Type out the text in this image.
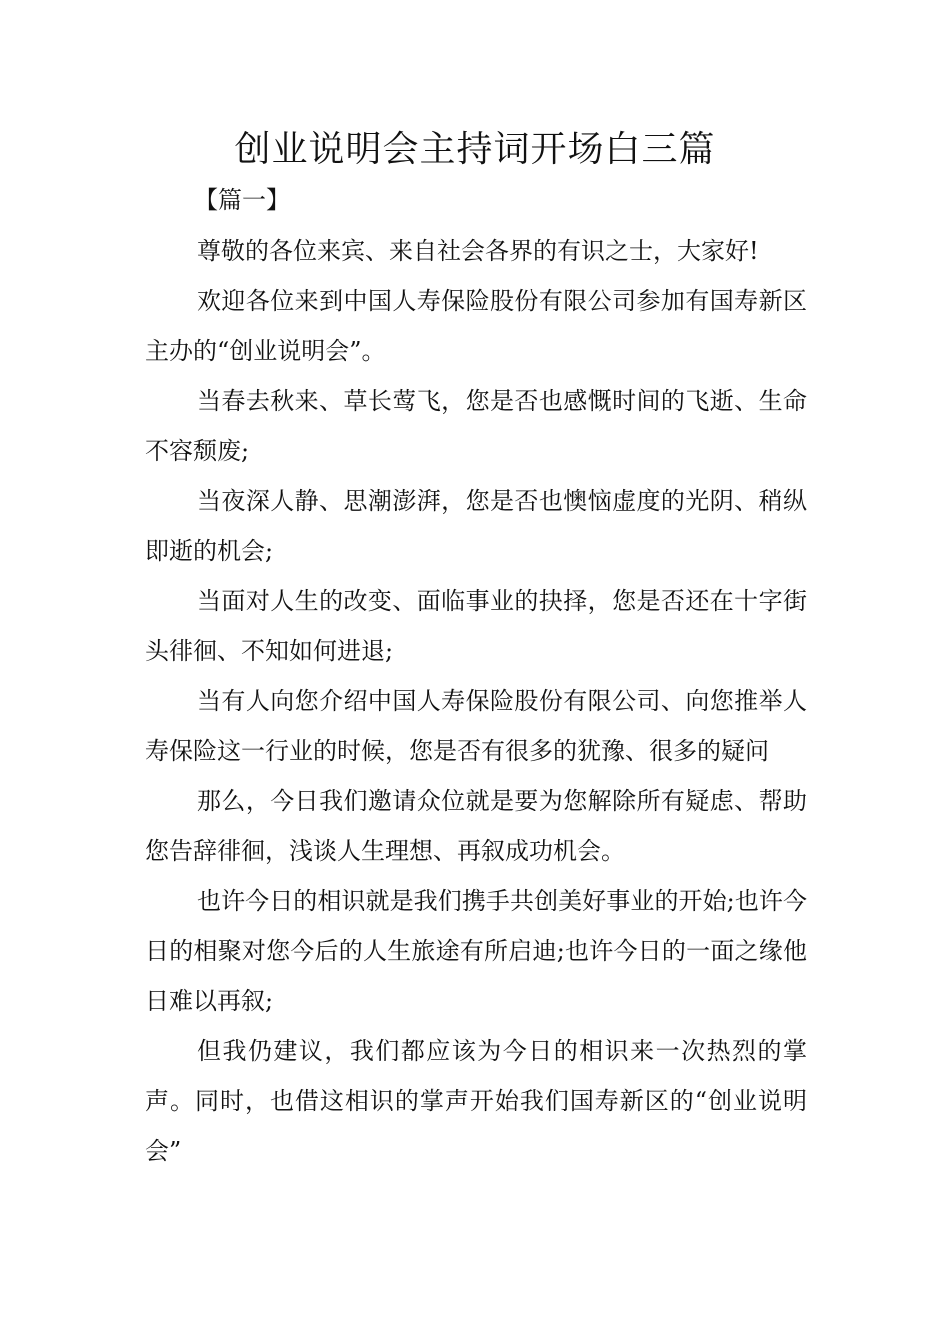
创业说明会主持词开场白三篇
【篇一】

尊敬的各位来宾、来自社会各界的有识之士，大家好!

欢迎各位来到中国人寿保险股份有限公司参加有国寿新区主办的“创业说明会”。

当春去秋来、草长莺飞，您是否也感慨时间的飞逝、生命不容颓废;

当夜深人静、思潮澎湃，您是否也懊恼虚度的光阴、稍纵即逝的机会;

当面对人生的改变、面临事业的抉择，您是否还在十字街头徘徊、不知如何进退;

当有人向您介绍中国人寿保险股份有限公司、向您推举人寿保险这一行业的时候，您是否有很多的犹豫、很多的疑问

那么，今日我们邀请众位就是要为您解除所有疑虑、帮助您告辞徘徊，浅谈人生理想、再叙成功机会。

也许今日的相识就是我们携手共创美好事业的开始;也许今日的相聚对您今后的人生旅途有所启迪;也许今日的一面之缘他日难以再叙;

但我仍建议，我们都应该为今日的相识来一次热烈的掌声。同时，也借这相识的掌声开始我们国寿新区的“创业说明会”
